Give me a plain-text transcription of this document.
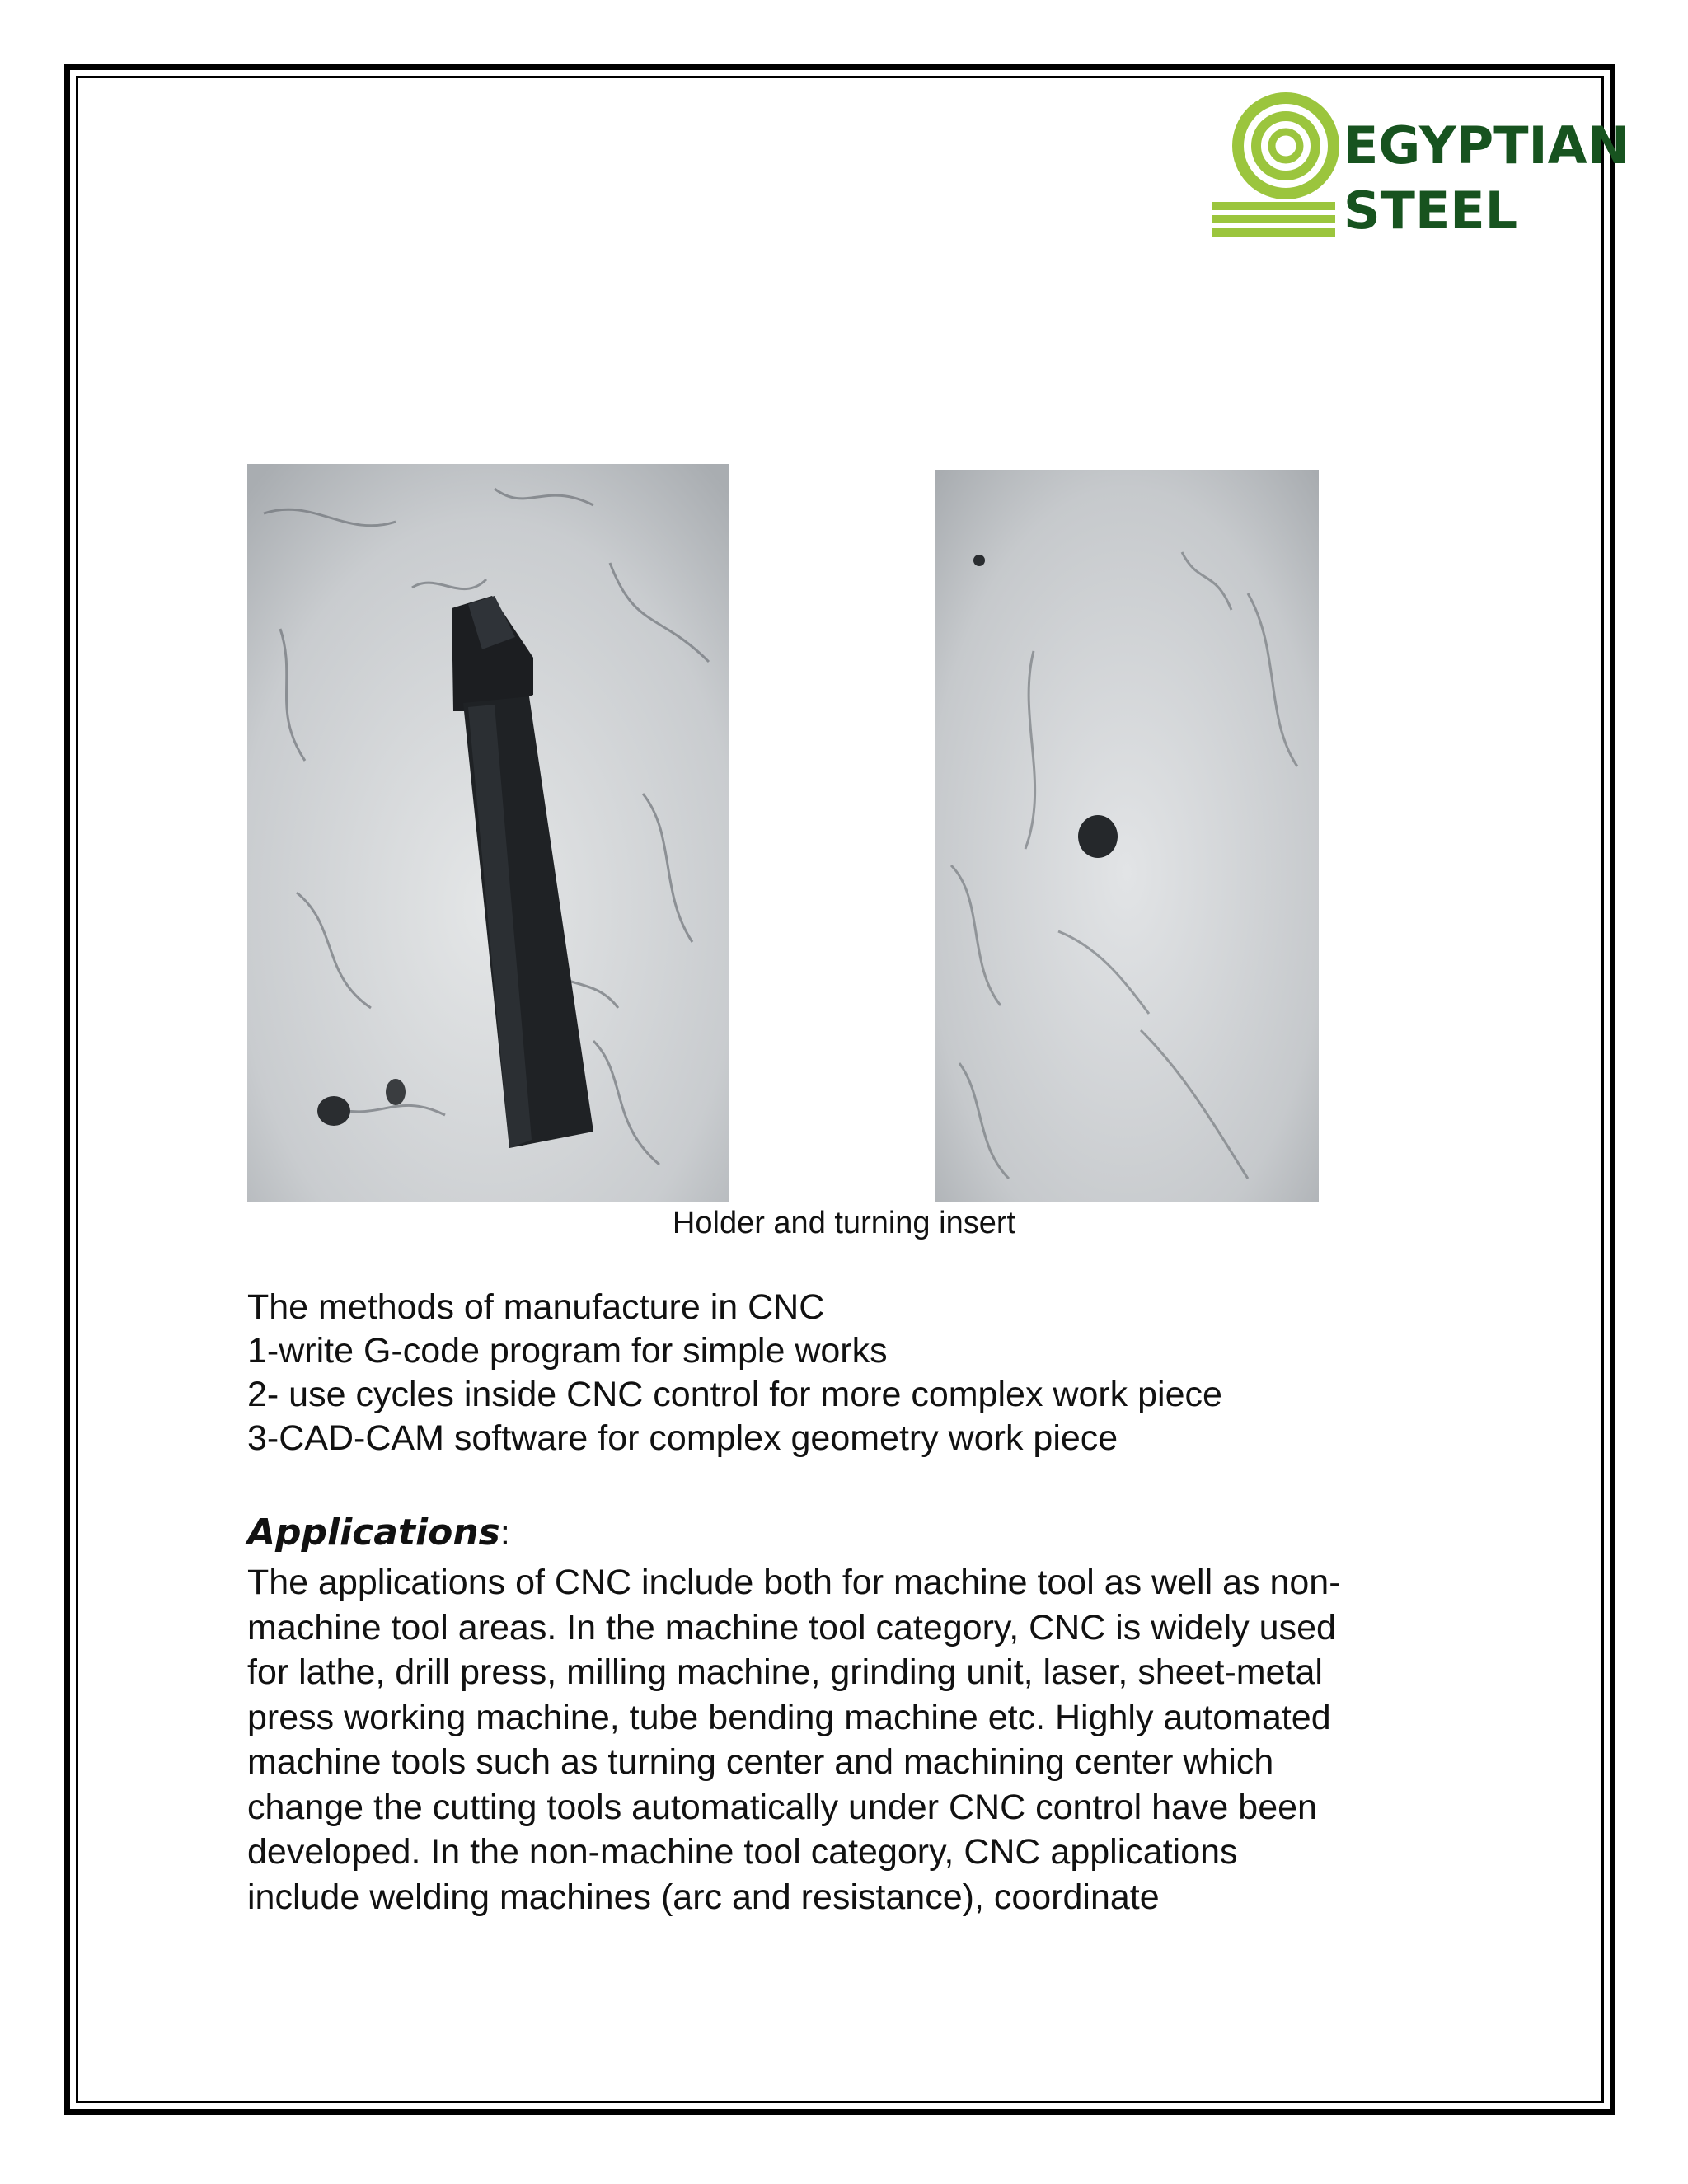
EGYPTIAN
STEEL
Holder and turning insert
The methods of manufacture in CNC
1-write G-code program for simple works
2- use cycles inside CNC control for more complex work piece
3-CAD-CAM software for complex geometry work piece
Applications:
The applications of CNC include both for machine tool as well as non-
machine tool areas. In the machine tool category, CNC is widely used
for lathe, drill press, milling machine, grinding unit, laser, sheet-metal
press working machine, tube bending machine etc. Highly automated
machine tools such as turning center and machining center which
change the cutting tools automatically under CNC control have been
developed. In the non-machine tool category, CNC applications
include welding machines (arc and resistance), coordinate
